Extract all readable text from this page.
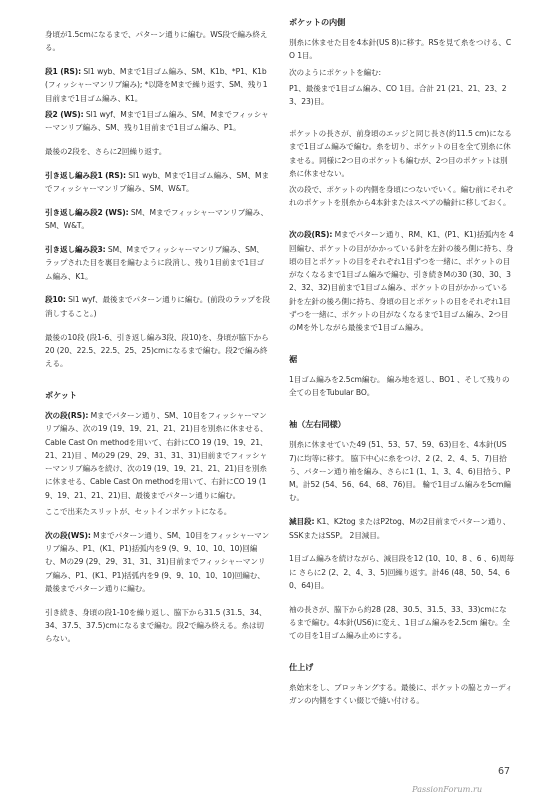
身頃が1.5cmになるまで、パターン通りに編む。WS段で編み終える。

段1 (RS): Sl1 wyb、Mまで1目ゴム編み、SM、K1b、*P1、K1b(フィッシャーマンリブ編み); *以降をMまで繰り返す、SM、残り1目前まで1目ゴム編み、K1。

段2 (WS): Sl1 wyf、Mまで1目ゴム編み、SM、Mまでフィッシャーマンリブ編み、SM、残り1目前まで1目ゴム編み、P1。

最後の2段を、さらに2回繰り返す。

引き返し編み段1 (RS): Sl1 wyb、Mまで1目ゴム編み、SM、Mまでフィッシャーマンリブ編み、SM、W&T。

引き返し編み段2 (WS): SM、Mまでフィッシャーマンリブ編み、SM、W&T。

引き返し編み段3: SM、Mまでフィッシャーマンリブ編み、SM、ラップされた目を裏目を編むように段消し、残り1目前まで1目ゴム編み、K1。

段10: Sl1 wyf、最後までパターン通りに編む。(前段のラップを段消しすること。)

最後の10段 (段1-6、引き返し編み3段、段10)を、身頃が脇下から20 (20、22.5、22.5、25、25)cmになるまで編む。段2で編み終える。

ポケット

次の段(RS): Mまでパターン通り、SM、10目をフィッシャーマンリブ編み、次の19 (19、19、21、21、21)目を別糸に休ませる、Cable Cast On methodを用いて、右針にCO 19 (19、19、21、21、21)目 、Mの29 (29、29、31、31、31)目前までフィッシャーマンリブ編みを続け、次の19 (19、19、21、21、21)目を別糸に休ませる、Cable Cast On methodを用いて、右針にCO 19 (19、19、21、21、21)目、最後までパターン通りに編む。

ここで出来たスリットが、セットインポケットになる。

次の段(WS): Mまでパターン通り、SM、10目をフィッシャーマンリブ編み、P1、(K1、P1)括弧内を9 (9、9、10、10、10)回編む、Mの29 (29、29、31、31、31)目前までフィッシャーマンリブ編み、P1、(K1、P1)括弧内を9 (9、9、10、10、10)回編む、最後までパターン通りに編む。

引き続き、身頃の段1-10を繰り返し、脇下から31.5 (31.5、34、34、37.5、37.5)cmになるまで編む。段2で編み終える。糸は切らない。

ポケットの内側

別糸に休ませた目を4本針(US 8)に移す。RSを見て糸をつける、CO 1目。

次のようにポケットを編む:

P1、最後まで1目ゴム編み、CO 1目。合計 21 (21、21、23、23、23)目。

ポケットの長さが、前身頃のエッジと同じ長さ(約11.5 cm)になるまで1目ゴム編みで編む。糸を切り、ポケットの目を全て別糸に休ませる。同様に2つ目のポケットも編むが、2つ目のポケットは別糸に休ませない。

次の段で、ポケットの内側を身頃につないでいく。編む前にそれぞれのポケットを別糸から4本針またはスペアの輪針に移しておく。

次の段(RS): Mまでパターン通り、RM、K1、(P1、K1)括弧内を 4回編む、ポケットの目がかかっている針を左針の後ろ側に持ち、身頃の目とポケットの目をそれぞれ1目ずつを一緒に、ポケットの目がなくなるまで1目ゴム編みで編む、引き続きMの30 (30、30、32、32、32)目前まで1目ゴム編み、ポケットの目がかかっている針を左針の後ろ側に持ち、身頃の目とポケットの目をそれぞれ1目ずつを一緒に、ポケットの目がなくなるまで1目ゴム編み、2つ目のMを外しながら最後まで1目ゴム編み。

裾

1目ゴム編みを2.5cm編む。 編み地を返し、BO1 、そして残りの全ての目をTubular BO。

袖（左右同様）

別糸に休ませていた49 (51、53、57、59、63)目を、4本針(US7)に均等に移す。 脇下中心に糸をつけ、2 (2、2、4、5、7)目拾う、パターン通り袖を編み、さらに1 (1、1、3、4、6)目拾う、PM。計52 (54、56、64、68、76)目。 輪で1目ゴム編みを5cm編む。

減目段: K1、K2tog またはP2tog、Mの2目前までパターン通り、SSKまたはSSP。 2目減目。

1目ゴム編みを続けながら、減目段を12 (10、10、8 、6 、6)周毎に さらに2 (2、2、4、3、5)回繰り返す。計46 (48、50、54、60、64)目。

袖の長さが、脇下から約28 (28、30.5、31.5、33、33)cmになるまで編む。4本針(US6)に変え、1目ゴム編みを2.5cm 編む。全ての目を1目ゴム編み止めにする。

仕上げ

糸始末をし、ブロッキングする。最後に、ポケットの脇とカーディガンの内側をすくい綴じで縫い付ける。

67
PassionForum.ru
